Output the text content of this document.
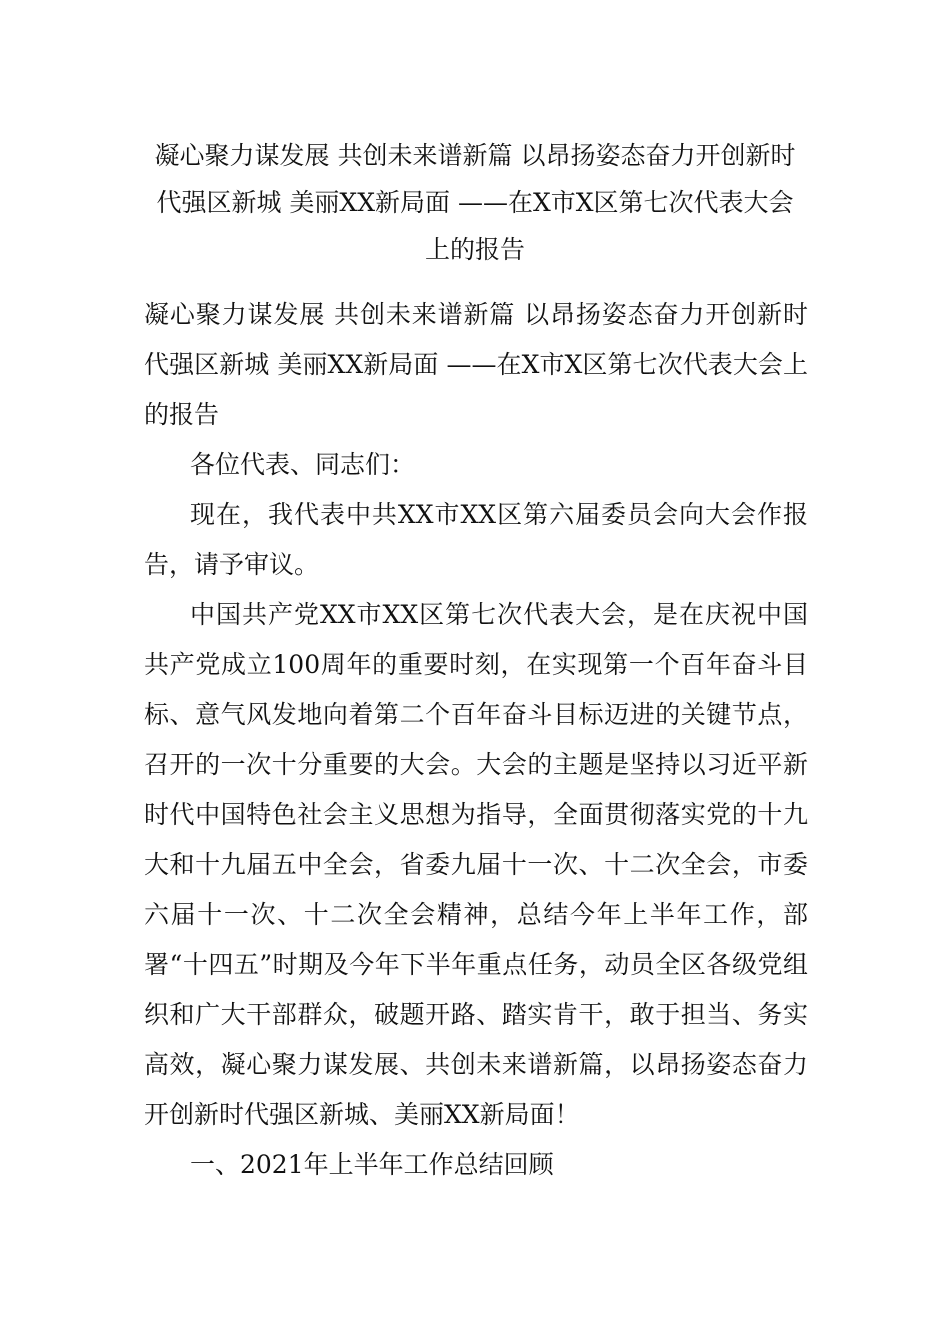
凝心聚力谋发展 共创未来谱新篇 以昂扬姿态奋力开创新时代强区新城 美丽XX新局面 ——在X市X区第七次代表大会上的报告

凝心聚力谋发展 共创未来谱新篇 以昂扬姿态奋力开创新时代强区新城 美丽XX新局面 ——在X市X区第七次代表大会上的报告

各位代表、同志们：

现在，我代表中共XX市XX区第六届委员会向大会作报告，请予审议。

中国共产党XX市XX区第七次代表大会，是在庆祝中国共产党成立100周年的重要时刻，在实现第一个百年奋斗目标、意气风发地向着第二个百年奋斗目标迈进的关键节点，召开的一次十分重要的大会。大会的主题是坚持以习近平新时代中国特色社会主义思想为指导，全面贯彻落实党的十九大和十九届五中全会，省委九届十一次、十二次全会，市委六届十一次、十二次全会精神，总结今年上半年工作，部署“十四五”时期及今年下半年重点任务，动员全区各级党组织和广大干部群众，破题开路、踏实肯干，敢于担当、务实高效，凝心聚力谋发展、共创未来谱新篇，以昂扬姿态奋力开创新时代强区新城、美丽XX新局面！

一、2021年上半年工作总结回顾
